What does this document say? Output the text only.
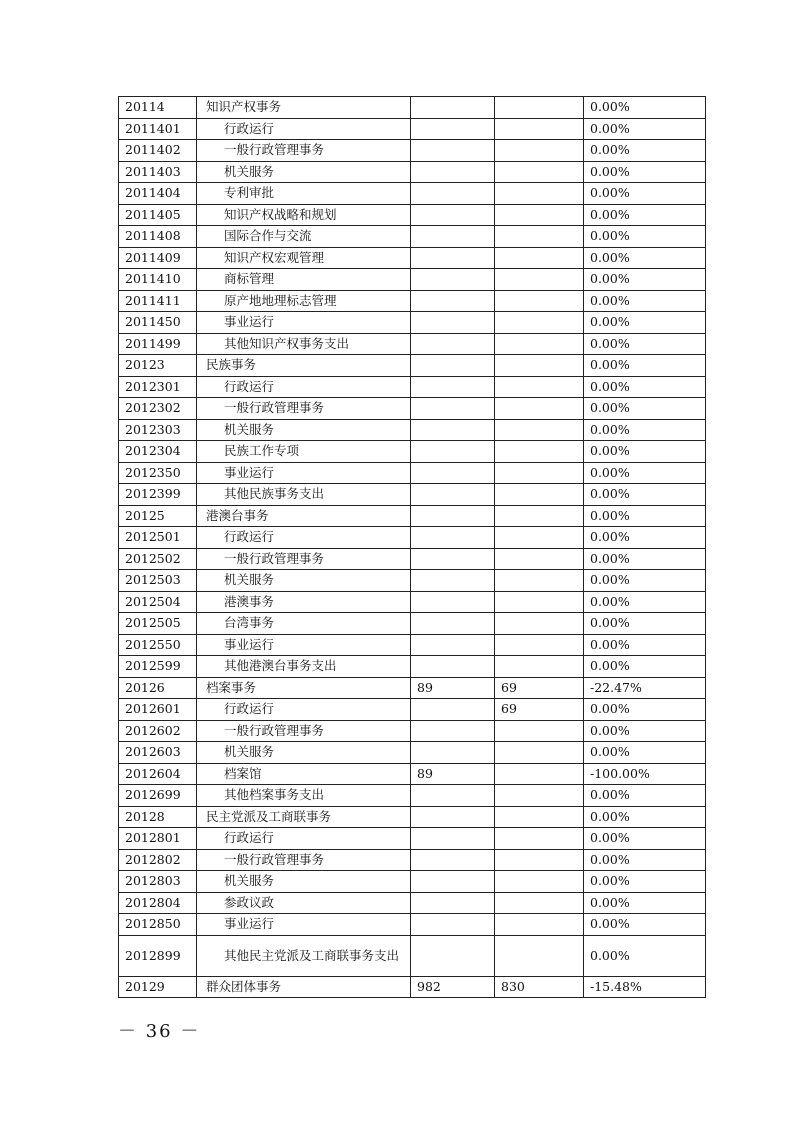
20114	知识产权事务			0.00%
2011401	行政运行			0.00%
2011402	一般行政管理事务			0.00%
2011403	机关服务			0.00%
2011404	专利审批			0.00%
2011405	知识产权战略和规划			0.00%
2011408	国际合作与交流			0.00%
2011409	知识产权宏观管理			0.00%
2011410	商标管理			0.00%
2011411	原产地地理标志管理			0.00%
2011450	事业运行			0.00%
2011499	其他知识产权事务支出			0.00%
20123	民族事务			0.00%
2012301	行政运行			0.00%
2012302	一般行政管理事务			0.00%
2012303	机关服务			0.00%
2012304	民族工作专项			0.00%
2012350	事业运行			0.00%
2012399	其他民族事务支出			0.00%
20125	港澳台事务			0.00%
2012501	行政运行			0.00%
2012502	一般行政管理事务			0.00%
2012503	机关服务			0.00%
2012504	港澳事务			0.00%
2012505	台湾事务			0.00%
2012550	事业运行			0.00%
2012599	其他港澳台事务支出			0.00%
20126	档案事务	89	69	-22.47%
2012601	行政运行		69	0.00%
2012602	一般行政管理事务			0.00%
2012603	机关服务			0.00%
2012604	档案馆	89		-100.00%
2012699	其他档案事务支出			0.00%
20128	民主党派及工商联事务			0.00%
2012801	行政运行			0.00%
2012802	一般行政管理事务			0.00%
2012803	机关服务			0.00%
2012804	参政议政			0.00%
2012850	事业运行			0.00%
2012899	其他民主党派及工商联事务支出			0.00%
20129	群众团体事务	982	830	-15.48%
－ 36 －
